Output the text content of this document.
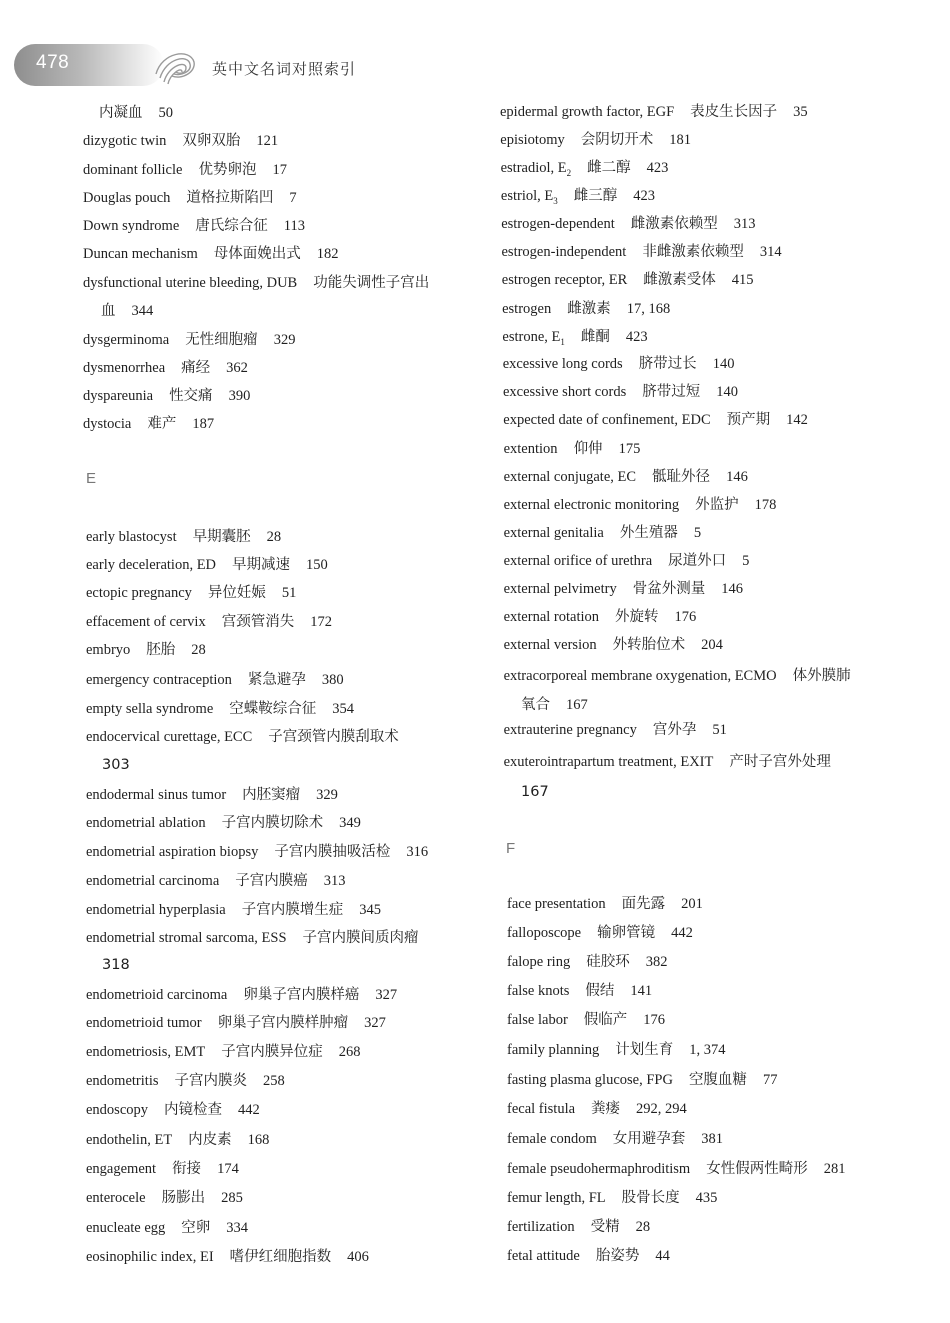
478	英中文名词对照索引
内凝血 50
dizygotic twin 双卵双胎 121
dominant follicle 优势卵泡 17
Douglas pouch 道格拉斯陷凹 7
Down syndrome 唐氏综合征 113
Duncan mechanism 母体面娩出式 182
dysfunctional uterine bleeding, DUB 功能失调性子宫出
血 344
dysgerminoma 无性细胞瘤 329
dysmenorrhea 痛经 362
dyspareunia 性交痛 390
dystocia 难产 187
E
early blastocyst 早期囊胚 28
early deceleration, ED 早期减速 150
ectopic pregnancy 异位妊娠 51
effacement of cervix 宫颈管消失 172
embryo 胚胎 28
emergency contraception 紧急避孕 380
empty sella syndrome 空蝶鞍综合征 354
endocervical curettage, ECC 子宫颈管内膜刮取术
303
endodermal sinus tumor 内胚窦瘤 329
endometrial ablation 子宫内膜切除术 349
endometrial aspiration biopsy 子宫内膜抽吸活检 316
endometrial carcinoma 子宫内膜癌 313
endometrial hyperplasia 子宫内膜增生症 345
endometrial stromal sarcoma, ESS 子宫内膜间质肉瘤
318
endometrioid carcinoma 卵巢子宫内膜样癌 327
endometrioid tumor 卵巢子宫内膜样肿瘤 327
endometriosis, EMT 子宫内膜异位症 268
endometritis 子宫内膜炎 258
endoscopy 内镜检查 442
endothelin, ET 内皮素 168
engagement 衔接 174
enterocele 肠膨出 285
enucleate egg 空卵 334
eosinophilic index, EI 嗜伊红细胞指数 406
epidermal growth factor, EGF 表皮生长因子 35
episiotomy 会阴切开术 181
estradiol, $E_2$ 雌二醇 423
estriol, $E_3$ 雌三醇 423
estrogen-dependent 雌激素依赖型 313
estrogen-independent 非雌激素依赖型 314
estrogen receptor, ER 雌激素受体 415
estrogen 雌激素 17, 168
estrone, $E_1$ 雌酮 423
excessive long cords 脐带过长 140
excessive short cords 脐带过短 140
expected date of confinement, EDC 预产期 142
extention 仰伸 175
external conjugate, EC 骶耻外径 146
external electronic monitoring 外监护 178
external genitalia 外生殖器 5
external orifice of urethra 尿道外口 5
external pelvimetry 骨盆外测量 146
external rotation 外旋转 176
external version 外转胎位术 204
extracorporeal membrane oxygenation, ECMO 体外膜肺
氧合 167
extrauterine pregnancy 宫外孕 51
exuterointrapartum treatment, EXIT 产时子宫外处理
167
F
face presentation 面先露 201
falloposcope 输卵管镜 442
falope ring 硅胶环 382
false knots 假结 141
false labor 假临产 176
family planning 计划生育 1, 374
fasting plasma glucose, FPG 空腹血糖 77
fecal fistula 粪瘘 292, 294
female condom 女用避孕套 381
female pseudohermaphroditism 女性假两性畸形 281
femur length, FL 股骨长度 435
fertilization 受精 28
fetal attitude 胎姿势 44
